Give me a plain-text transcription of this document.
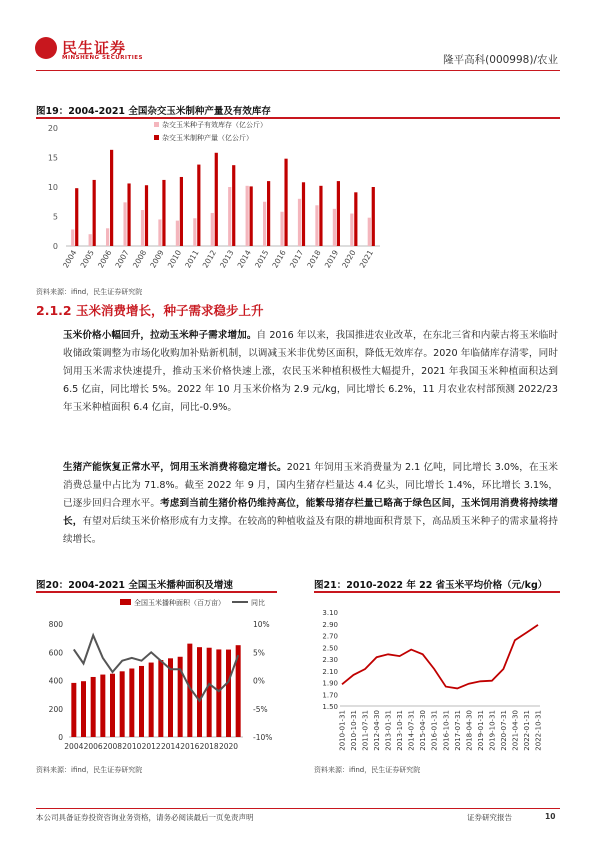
民生证券
MINSHENG SECURITIES	隆平高科(000998)/农业
图19：2004-2021 全国杂交玉米制种产量及有效库存
0
5
10
15
20
2004 2005 2006 2007 2008 2009 2010 2011 2012 2013 2014 2015 2016 2017 2018 2019 2020 2021
杂交玉米种子有效库存（亿公斤）
杂交玉米制种产量（亿公斤）
资料来源：ifind，民生证券研究院
2.1.2 玉米消费增长，种子需求稳步上升
玉米价格小幅回升，拉动玉米种子需求增加。自 2016 年以来，我国推进农业改革，在东北三省和内蒙古将玉米临时收储政策调整为市场化收购加补贴新机制，以调减玉米非优势区面积，降低无效库存。2020 年临储库存清零，同时饲用玉米需求快速提升，推动玉米价格快速上涨，农民玉米种植积极性大幅提升，2021 年我国玉米种植面积达到 6.5 亿亩，同比增长 5%。2022 年 10 月玉米价格为 2.9 元/kg，同比增长 6.2%，11 月农业农村部预测 2022/23 年玉米种植面积 6.4 亿亩，同比-0.9%。
生猪产能恢复正常水平，饲用玉米消费将稳定增长。2021 年饲用玉米消费量为 2.1 亿吨，同比增长 3.0%，在玉米消费总量中占比为 71.8%。截至 2022 年 9 月，国内生猪存栏量达 4.4 亿头，同比增长 1.4%，环比增长 3.1%，已逐步回归合理水平。考虑到当前生猪价格仍维持高位，能繁母猪存栏量已略高于绿色区间，玉米饲用消费将持续增长，有望对后续玉米价格形成有力支撑。在较高的种植收益及有限的耕地面积背景下，高品质玉米种子的需求量将持续增长。
图20：2004-2021 全国玉米播种面积及增速
0
200
400
600
800	10%
5%
0%
-5%
-10%
2004 2006 2008 2010 2012 2014 2016 2018 2020
全国玉米播种面积（百万亩）	同比
资料来源：ifind，民生证券研究院
图21：2010-2022 年 22 省玉米平均价格（元/kg）
3.10
2.90
2.70
2.50
2.30
2.10
1.90
1.70
1.50
2010-01-31 2010-10-31 2011-07-31 2012-04-30 2013-01-31 2013-10-31 2014-07-31 2015-04-30 2016-01-31 2016-10-31 2017-07-31 2018-04-30 2019-01-31 2019-10-31 2020-07-31 2021-04-30 2022-01-31 2022-10-31
资料来源：ifind，民生证券研究院
本公司具备证券投资咨询业务资格，请务必阅读最后一页免责声明	证券研究报告	10
